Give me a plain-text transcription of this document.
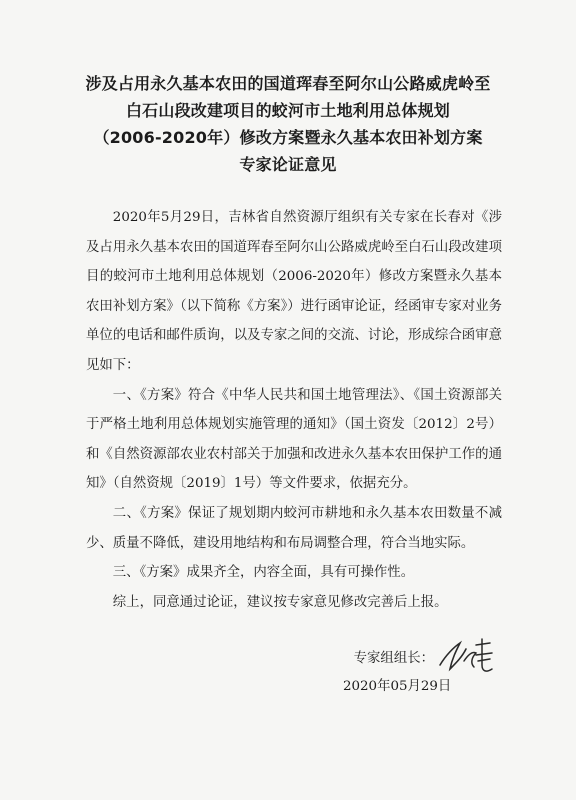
涉及占用永久基本农田的国道珲春至阿尔山公路威虎岭至
白石山段改建项目的蛟河市土地利用总体规划
（2006-2020年）修改方案暨永久基本农田补划方案
专家论证意见

2020年5月29日，吉林省自然资源厅组织有关专家在长春对《涉及占用永久基本农田的国道珲春至阿尔山公路威虎岭至白石山段改建项目的蛟河市土地利用总体规划（2006-2020年）修改方案暨永久基本农田补划方案》（以下简称《方案》）进行函审论证，经函审专家对业务单位的电话和邮件质询，以及专家之间的交流、讨论，形成综合函审意见如下：

一、《方案》符合《中华人民共和国土地管理法》、《国土资源部关于严格土地利用总体规划实施管理的通知》（国土资发〔2012〕2号）和《自然资源部农业农村部关于加强和改进永久基本农田保护工作的通知》（自然资规〔2019〕1号）等文件要求，依据充分。

二、《方案》保证了规划期内蛟河市耕地和永久基本农田数量不减少、质量不降低，建设用地结构和布局调整合理，符合当地实际。

三、《方案》成果齐全，内容全面，具有可操作性。

综上，同意通过论证，建议按专家意见修改完善后上报。

专家组组长：
2020年05月29日
